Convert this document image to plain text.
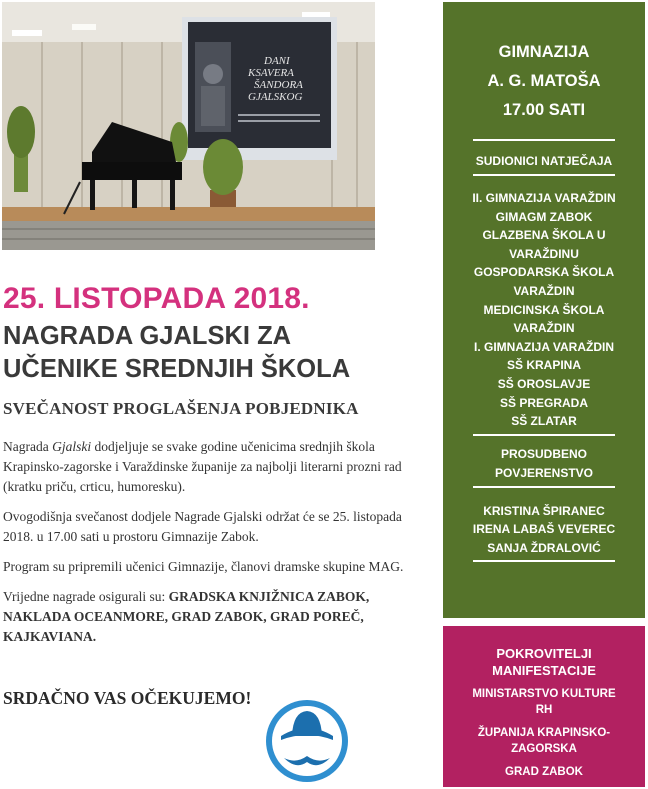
DANI
KSAVERA
ŠANDORA
GJALSKOG
25. LISTOPADA 2018.
NAGRADA GJALSKI ZA
UČENIKE SREDNJIH ŠKOLA
SVEČANOST PROGLAŠENJA POBJEDNIKA

Nagrada Gjalski dodjeljuje se svake godine učenicima srednjih škola Krapinsko-zagorske i Varaždinske županije za najbolji literarni prozni rad (kratku priču, crticu, humoresku).

Ovogodišnja svečanost dodjele Nagrade Gjalski održat će se 25. listopada 2018. u 17.00 sati u prostoru Gimnazije Zabok.

Program su pripremili učenici Gimnazije, članovi dramske skupine MAG.

Vrijedne nagrade osigurali su: GRADSKA KNJIŽNICA ZABOK, NAKLADA OCEANMORE, GRAD ZABOK, GRAD POREČ, KAJKAVIANA.

SRDAČNO VAS OČEKUJEMO!
GIMNAZIJA
A. G. MATOŠA
17.00 SATI
SUDIONICI NATJEČAJA
II. GIMNAZIJA VARAŽDIN
GIMAGM ZABOK
GLAZBENA ŠKOLA U
VARAŽDINU
GOSPODARSKA ŠKOLA
VARAŽDIN
MEDICINSKA ŠKOLA
VARAŽDIN
I. GIMNAZIJA VARAŽDIN
SŠ KRAPINA
SŠ OROSLAVJE
SŠ PREGRADA
SŠ ZLATAR
PROSUDBENO
POVJERENSTVO
KRISTINA ŠPIRANEC
IRENA LABAŠ VEVEREC
SANJA ŽDRALOVIĆ
POKROVITELJI
MANIFESTACIJE
MINISTARSTVO KULTURE
RH
ŽUPANIJA KRAPINSKO-
ZAGORSKA
GRAD ZABOK
